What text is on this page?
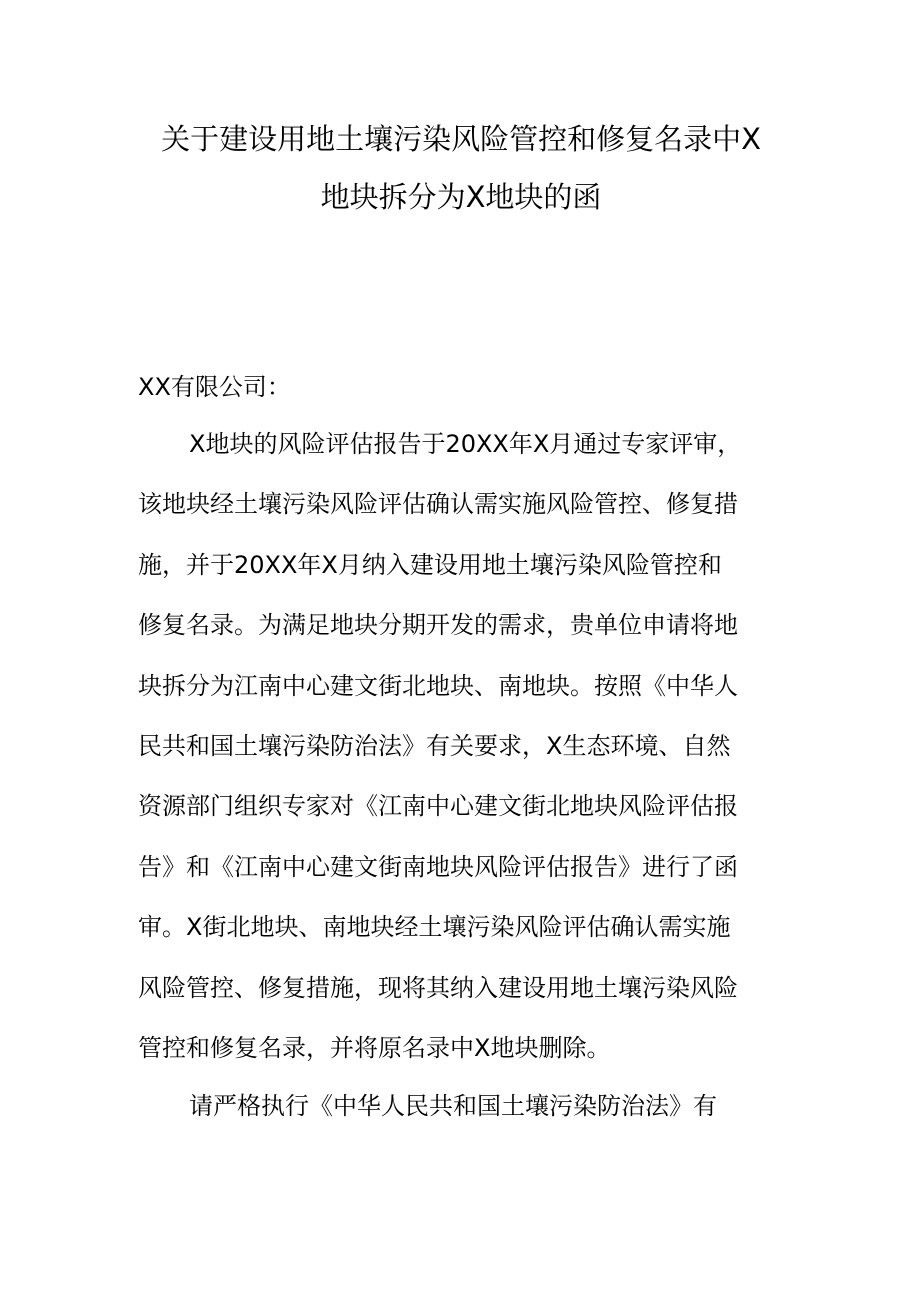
关于建设用地土壤污染风险管控和修复名录中X
地块拆分为X地块的函

XX有限公司：

X地块的风险评估报告于20XX年X月通过专家评审，
该地块经土壤污染风险评估确认需实施风险管控、修复措
施，并于20XX年X月纳入建设用地土壤污染风险管控和
修复名录。为满足地块分期开发的需求，贵单位申请将地
块拆分为江南中心建文街北地块、南地块。按照《中华人
民共和国土壤污染防治法》有关要求，X生态环境、自然
资源部门组织专家对《江南中心建文街北地块风险评估报
告》和《江南中心建文街南地块风险评估报告》进行了函
审。X街北地块、南地块经土壤污染风险评估确认需实施
风险管控、修复措施，现将其纳入建设用地土壤污染风险
管控和修复名录，并将原名录中X地块删除。
请严格执行《中华人民共和国土壤污染防治法》有
